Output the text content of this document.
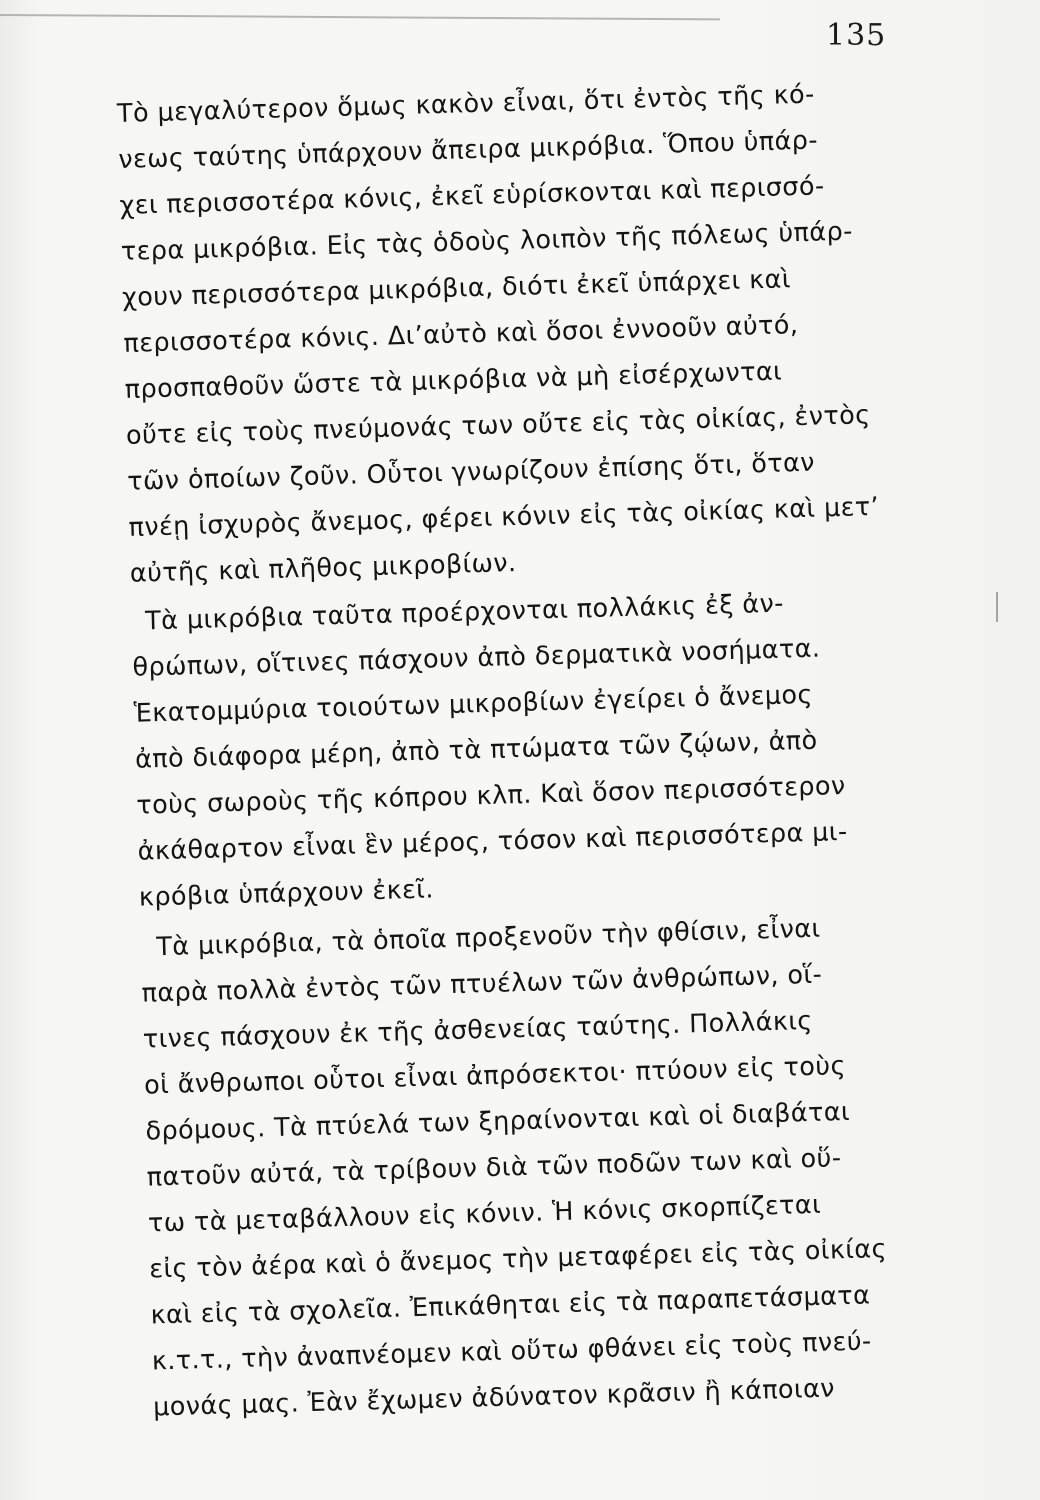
135
Τὸ μεγαλύτερον ὅμως κακὸν εἶναι, ὅτι ἐντὸς τῆς κό-
νεως ταύτης ὑπάρχουν ἄπειρα μικρόβια. Ὅπου ὑπάρ-
χει περισσοτέρα κόνις, ἐκεῖ εὑρίσκονται καὶ περισσό-
τερα μικρόβια. Εἰς τὰς ὁδοὺς λοιπὸν τῆς πόλεως ὑπάρ-
χουν περισσότερα μικρόβια, διότι ἐκεῖ ὑπάρχει καὶ
περισσοτέρα κόνις. Δι’αὐτὸ καὶ ὅσοι ἐννοοῦν αὐτό,
προσπαθοῦν ὥστε τὰ μικρόβια νὰ μὴ εἰσέρχωνται
οὔτε εἰς τοὺς πνεύμονάς των οὔτε εἰς τὰς οἰκίας, ἐντὸς
τῶν ὁποίων ζοῦν. Οὗτοι γνωρίζουν ἐπίσης ὅτι, ὅταν
πνέῃ ἰσχυρὸς ἄνεμος, φέρει κόνιν εἰς τὰς οἰκίας καὶ μετ’
αὐτῆς καὶ πλῆθος μικροβίων.
Τὰ μικρόβια ταῦτα προέρχονται πολλάκις ἐξ ἀν-
θρώπων, οἵτινες πάσχουν ἀπὸ δερματικὰ νοσήματα.
Ἑκατομμύρια τοιούτων μικροβίων ἐγείρει ὁ ἄνεμος
ἀπὸ διάφορα μέρη, ἀπὸ τὰ πτώματα τῶν ζῴων, ἀπὸ
τοὺς σωροὺς τῆς κόπρου κλπ. Καὶ ὅσον περισσότερον
ἀκάθαρτον εἶναι ἓν μέρος, τόσον καὶ περισσότερα μι-
κρόβια ὑπάρχουν ἐκεῖ.
Τὰ μικρόβια, τὰ ὁποῖα προξενοῦν τὴν φθίσιν, εἶναι
παρὰ πολλὰ ἐντὸς τῶν πτυέλων τῶν ἀνθρώπων, οἵ-
τινες πάσχουν ἐκ τῆς ἀσθενείας ταύτης. Πολλάκις
οἱ ἄνθρωποι οὗτοι εἶναι ἀπρόσεκτοι· πτύουν εἰς τοὺς
δρόμους. Τὰ πτύελά των ξηραίνονται καὶ οἱ διαβάται
πατοῦν αὐτά, τὰ τρίβουν διὰ τῶν ποδῶν των καὶ οὕ-
τω τὰ μεταβάλλουν εἰς κόνιν. Ἡ κόνις σκορπίζεται
εἰς τὸν ἀέρα καὶ ὁ ἄνεμος τὴν μεταφέρει εἰς τὰς οἰκίας
καὶ εἰς τὰ σχολεῖα. Ἐπικάθηται εἰς τὰ παραπετάσματα
κ.τ.τ., τὴν ἀναπνέομεν καὶ οὕτω φθάνει εἰς τοὺς πνεύ-
μονάς μας. Ἐὰν ἔχωμεν ἀδύνατον κρᾶσιν ἢ κάποιαν
